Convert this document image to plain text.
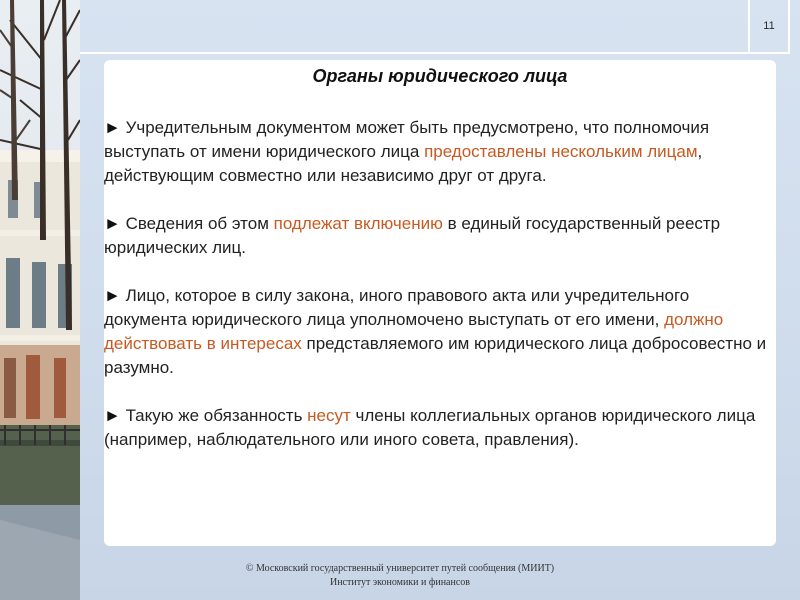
11
Органы юридического лица
► Учредительным документом может быть предусмотрено, что полномочия выступать от имени юридического лица предоставлены нескольким лицам, действующим совместно или независимо друг от друга.
► Сведения об этом подлежат включению в единый государственный реестр юридических лиц.
► Лицо, которое в силу закона, иного правового акта или учредительного документа юридического лица уполномочено выступать от его имени, должно действовать в интересах представляемого им юридического лица добросовестно и разумно.
► Такую же обязанность несут члены коллегиальных органов юридического лица (например, наблюдательного или иного совета, правления).
© Московский государственный университет путей сообщения (МИИТ)
Институт экономики и финансов
